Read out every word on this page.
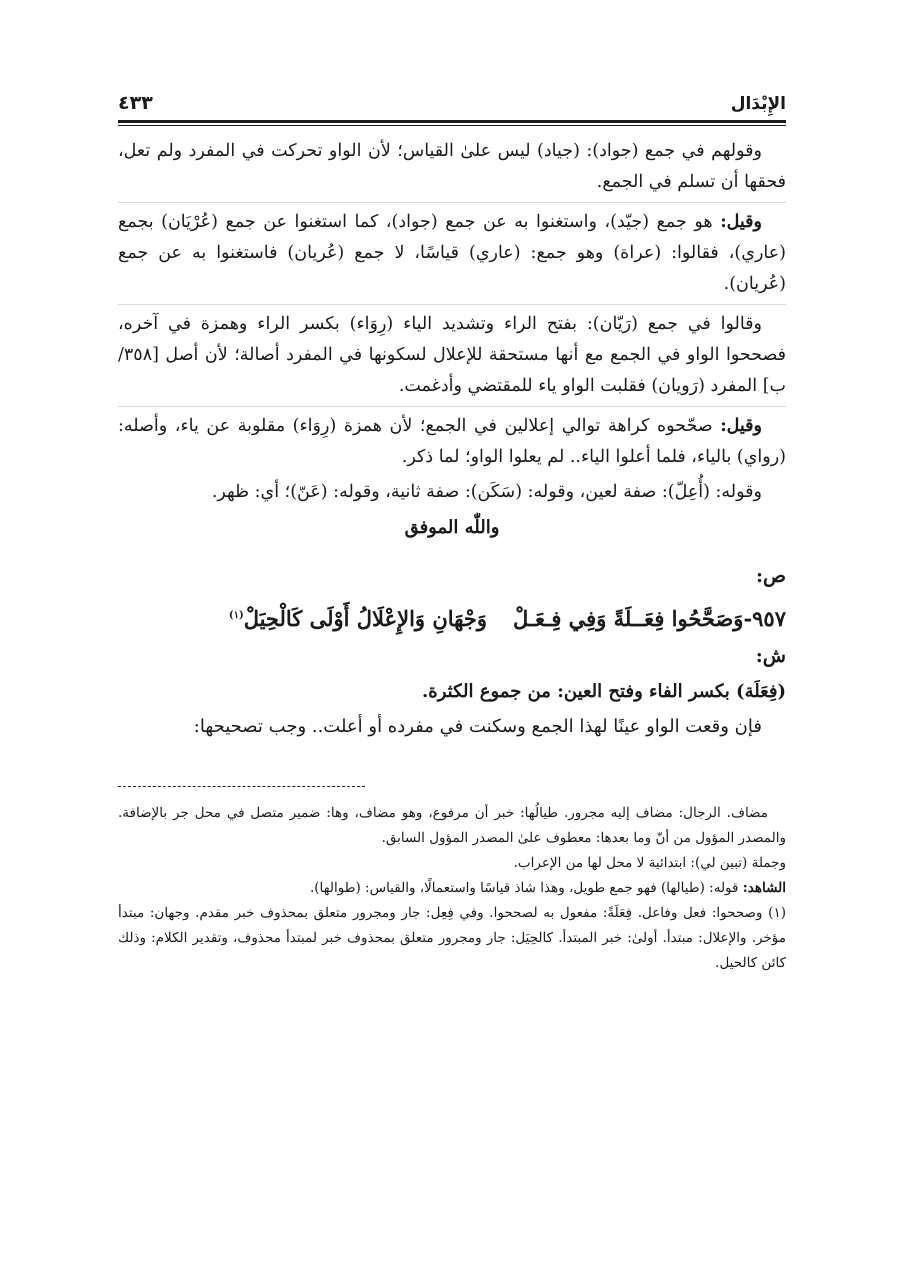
الإِبْدَال
٤٣٣

وقولهم في جمع (جواد): (جياد) ليس علىٰ القياس؛ لأن الواو تحركت في المفرد ولم تعل، فحقها أن تسلم في الجمع.

وقيل: هو جمع (جيّد)، واستغنوا به عن جمع (جواد)، كما استغنوا عن جمع (عُرْيَان) بجمع (عاري)، فقالوا: (عراة) وهو جمع: (عاري) قياسًا، لا جمع (عُريان) فاستغنوا به عن جمع (عُريان).

وقالوا في جمع (رَيّان): بفتح الراء وتشديد الياء (رِوَاء) بكسر الراء وهمزة في آخره، فصححوا الواو في الجمع مع أنها مستحقة للإعلال لسكونها في المفرد أصالة؛ لأن أصل [٣٥٨/ ب] المفرد (رَويان) فقلبت الواو ياء للمقتضي وأدغمت.

وقيل: صحّحوه كراهة توالي إعلالين في الجمع؛ لأن همزة (رِوَاء) مقلوبة عن ياء، وأصله: (رواي) بالياء، فلما أعلوا الياء.. لم يعلوا الواو؛ لما ذكر.

وقوله: (أُعِلّ): صفة لعين، وقوله: (سَكَن): صفة ثانية، وقوله: (عَنّ)؛ أي: ظهر.

واللّٰه الموفق
ص:
٩٥٧-وَصَحَّحُوا فِعَــلَةً وَفِي فِـعَـلْوَجْهَانِ وَالإِعْلَالُ أَوْلَى كَالْحِيَلْ$^{(١)}$
ش:
(فِعَلَة) بكسر الفاء وفتح العين: من جموع الكثرة.
فإن وقعت الواو عينًا لهذا الجمع وسكنت في مفرده أو أعلت.. وجب تصحيحها:

مضاف. الرجال: مضاف إليه مجرور. طيالُها: خبر أن مرفوع، وهو مضاف، وها: ضمير متصل في محل جر بالإضافة. والمصدر المؤول من أنّ وما بعدها: معطوف علىٰ المصدر المؤول السابق.

وجملة (تبين لي): ابتدائية لا محل لها من الإعراب.

الشاهد: قوله: (طيالها) فهو جمع طويل، وهذا شاذ قياسًا واستعمالًا، والقياس: (طوالها).

(١) وصححوا: فعل وفاعل. فِعَلَةً: مفعول به لصححوا. وفي فِعِل: جار ومجرور متعلق بمحذوف خبر مقدم. وجهان: مبتدأ مؤخر. والإعلال: مبتدأ. أولىٰ: خبر المبتدأ. كالحِيَل: جار ومجرور متعلق بمحذوف خبر لمبتدأ محذوف، وتقدير الكلام: وذلك كائن كالحيل.
